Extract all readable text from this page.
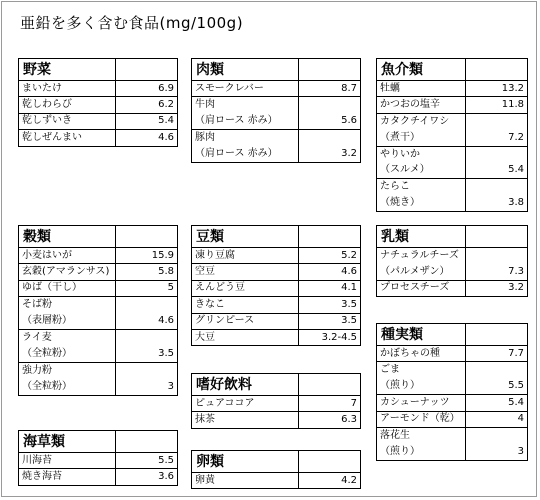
亜鉛を多く含む食品(mg/100g)
野菜	
まいたけ	6.9
乾しわらび	6.2
乾しずいき	5.4
乾しぜんまい	4.6
肉類	
スモークレバー	8.7
牛肉	
（肩ロース 赤み）	5.6
豚肉	
（肩ロース 赤み）	3.2
魚介類	
牡蠣	13.2
かつおの塩辛	11.8
カタクチイワシ	
（煮干）	7.2
やりいか	
（スルメ）	5.4
たらこ	
（焼き）	3.8
穀類	
小麦はいが	15.9
玄穀(アマランサス)	5.8
ゆば（干し）	5
そば粉	
（表層粉）	4.6
ライ麦	
（全粒粉）	3.5
強力粉	
（全粒粉）	3
豆類	
凍り豆腐	5.2
空豆	4.6
えんどう豆	4.1
きなこ	3.5
グリンピース	3.5
大豆	3.2-4.5
乳類	
ナチュラルチーズ	
（パルメザン）	7.3
プロセスチーズ	3.2
種実類	
かぼちゃの種	7.7
ごま	
（煎り）	5.5
カシューナッツ	5.4
アーモンド（乾）	4
落花生	
（煎り）	3
嗜好飲料	
ピュアココア	7
抹茶	6.3
海草類	
川海苔	5.5
焼き海苔	3.6
卵類	
卵黄	4.2
